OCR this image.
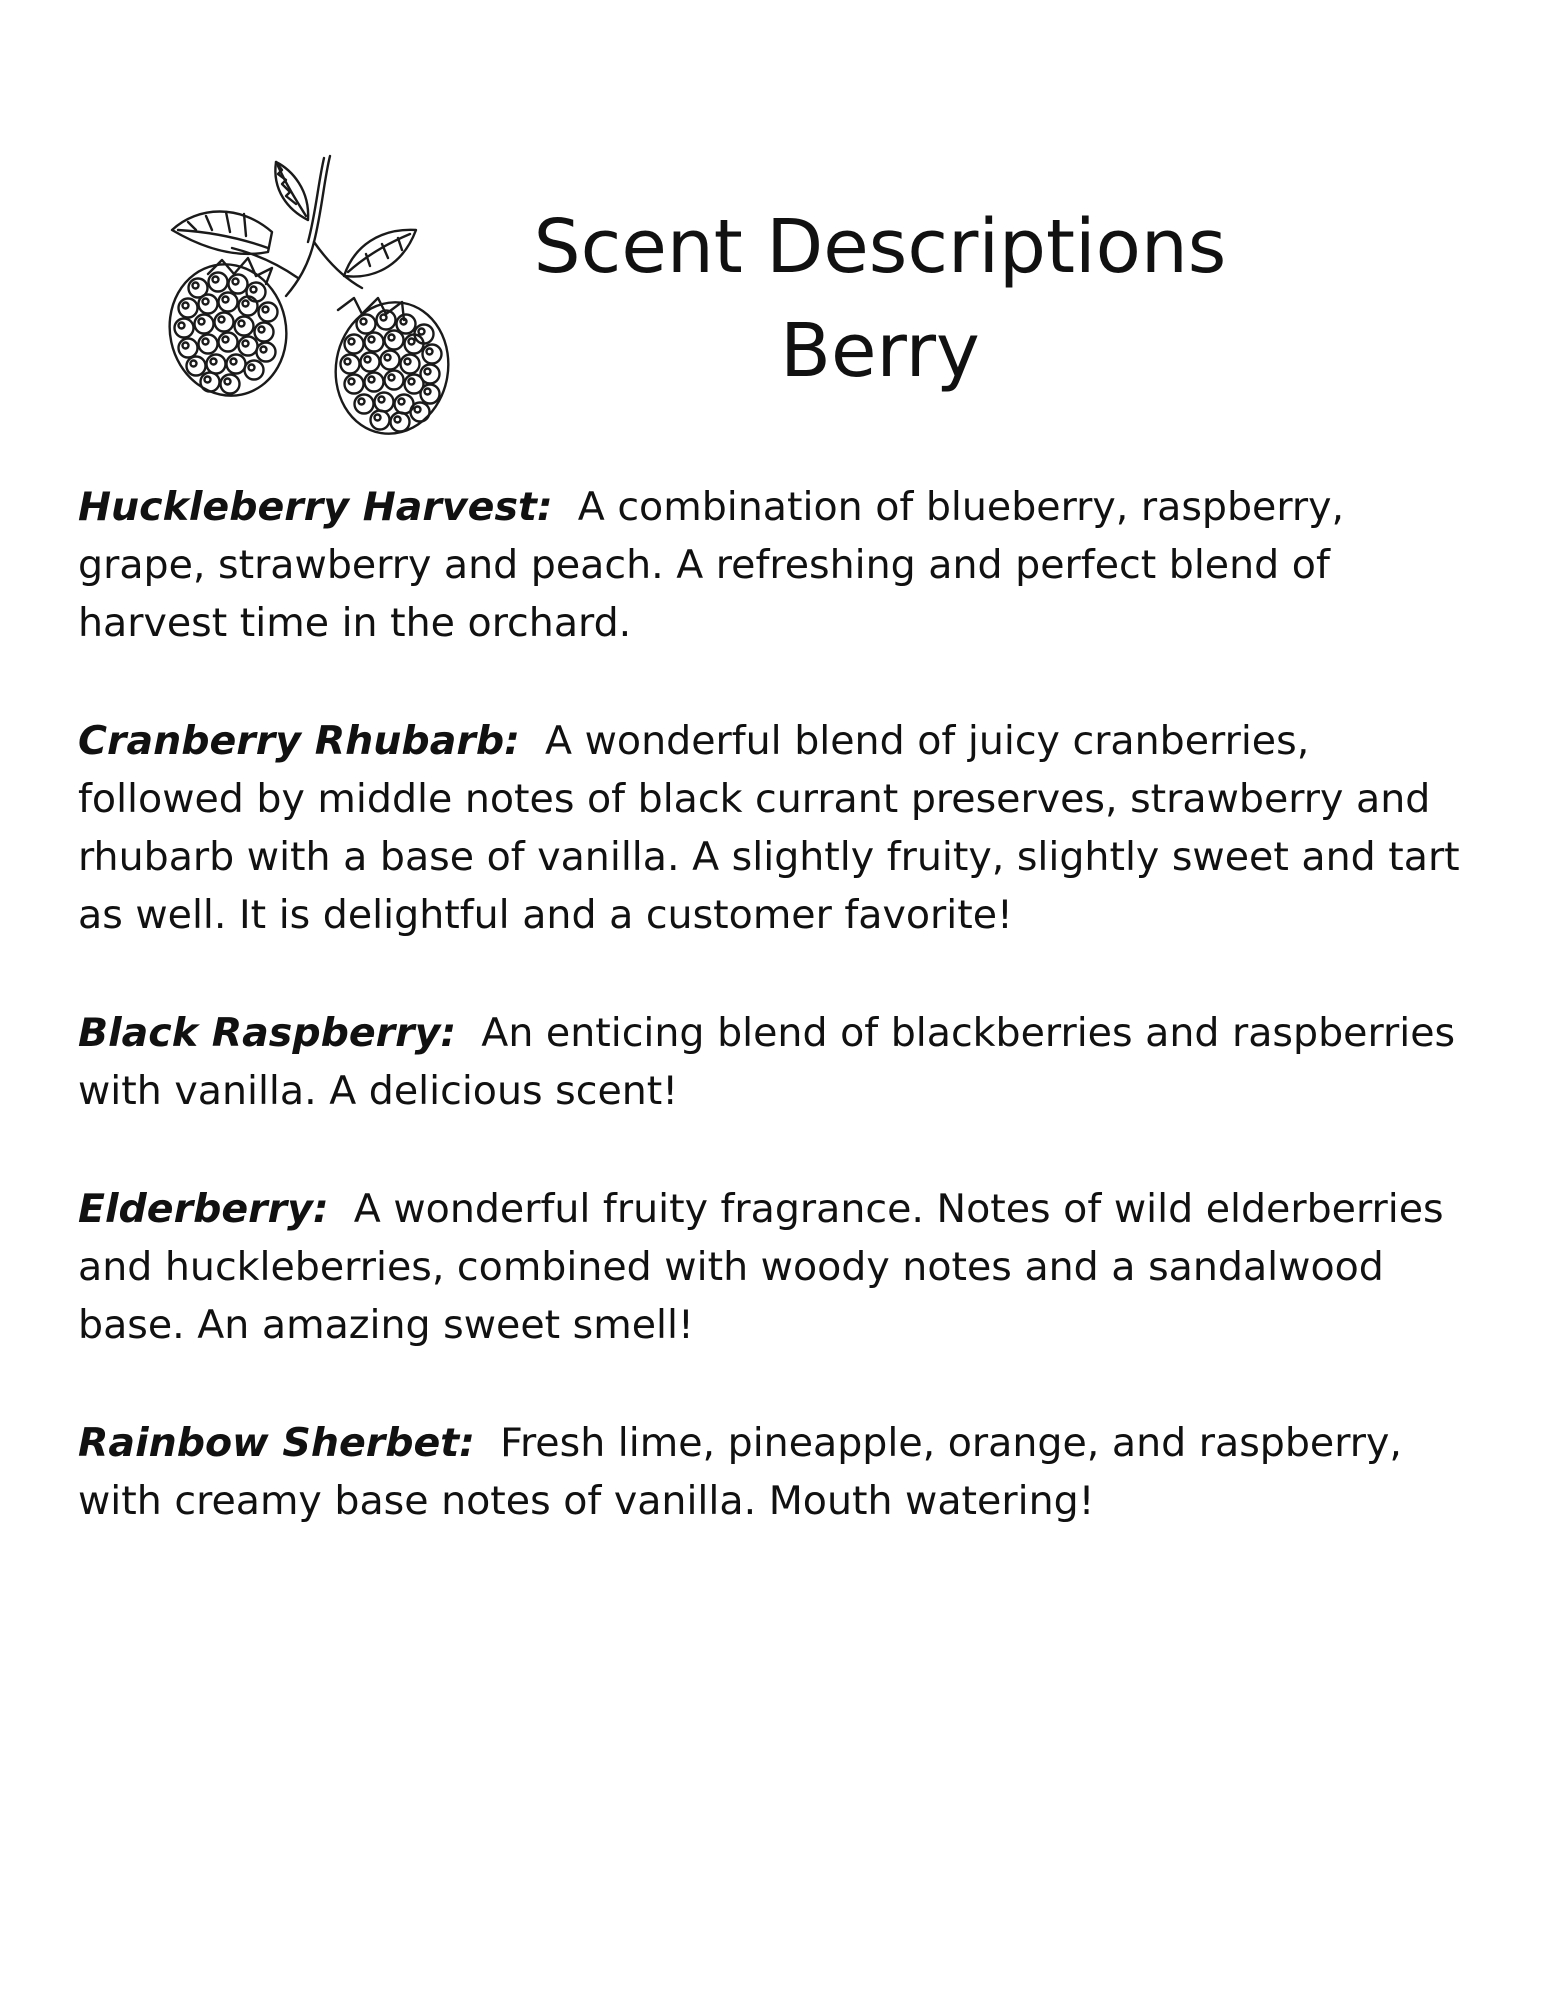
Scent Descriptions
Berry

Huckleberry Harvest: A combination of blueberry, raspberry, grape, strawberry and peach. A refreshing and perfect blend of harvest time in the orchard.

Cranberry Rhubarb: A wonderful blend of juicy cranberries, followed by middle notes of black currant preserves, strawberry and rhubarb with a base of vanilla. A slightly fruity, slightly sweet and tart as well. It is delightful and a customer favorite!

Black Raspberry: An enticing blend of blackberries and raspberries with vanilla. A delicious scent!

Elderberry: A wonderful fruity fragrance. Notes of wild elderberries and huckleberries, combined with woody notes and a sandalwood base. An amazing sweet smell!

Rainbow Sherbet: Fresh lime, pineapple, orange, and raspberry, with creamy base notes of vanilla. Mouth watering!
